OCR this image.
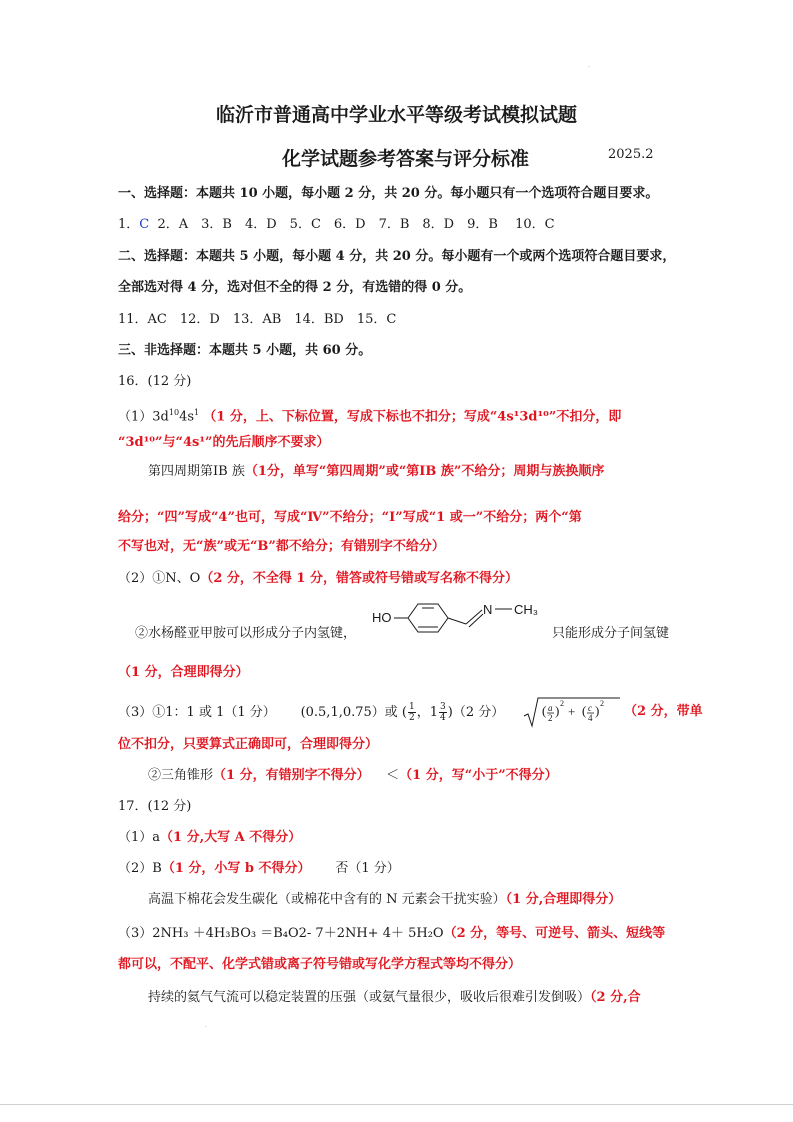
临沂市普通高中学业水平等级考试模拟试题
化学试题参考答案与评分标准	2025.2
一、选择题：本题共 10 小题，每小题 2 分，共 20 分。每小题只有一个选项符合题目要求。
1．C 2．A　3．B　4．D　5．C　6．D　7．B　8．D　9．B　 10．C
二、选择题：本题共 5 小题，每小题 4 分，共 20 分。每小题有一个或两个选项符合题目要求，
全部选对得 4 分，选对但不全的得 2 分，有选错的得 0 分。
11．AC　12．D　13．AB　14．BD　15．C
三、非选择题：本题共 5 小题，共 60 分。
16．(12 分)
$(1)3d^{10}4s^1$ （1 分，上、下标位置，写成下标也不扣分；写成“4s¹3d¹⁰”不扣分，即
“3d¹⁰”与“4s¹”的先后顺序不要求）
第四周期第ⅠB 族（1分，单写“第四周期”或“第ⅠB 族”不给分；周期与族换顺序
给分；“四”写成“4”也可，写成“Ⅳ”不给分；“Ⅰ”写成“1 或一”不给分；两个“第
不写也对，无“族”或无“B”都不给分；有错别字不给分）
（2）①N、O（2 分，不全得 1 分，错答或符号错或写名称不得分）
②水杨醛亚甲胺可以形成分子内氢键，
HO
N CH₃
只能形成分子间氢键
（1 分，合理即得分）
（3）①1：1 或 1（1 分） (0.5,1,0.75）或 ( $\frac{1}{2}$ ，$1 \frac{3}{4} )(2$ 分）	( a
2 ) 2
+ ( c
4 ) 2
（2 分，带单
位不扣分，只要算式正确即可，合理即得分）
②三角锥形（1 分，有错别字不得分） ＜（1 分，写“小于”不得分）
17．(12 分)
（1）a（1 分,大写 A 不得分）
（2）B（1 分，小写 b 不得分） 否（1 分）
高温下棉花会发生碳化（或棉花中含有的 N 元素会干扰实验）（1 分,合理即得分）
（3）2NH₃ ＋4H₃BO₃ ＝B₄O2- 7＋2NH+ 4＋ 5H₂O（2 分，等号、可逆号、箭头、短线等
都可以，不配平、化学式错或离子符号错或写化学方程式等均不得分）
持续的氦气气流可以稳定装置的压强（或氨气量很少，吸收后很难引发倒吸）（2 分,合
·
·
